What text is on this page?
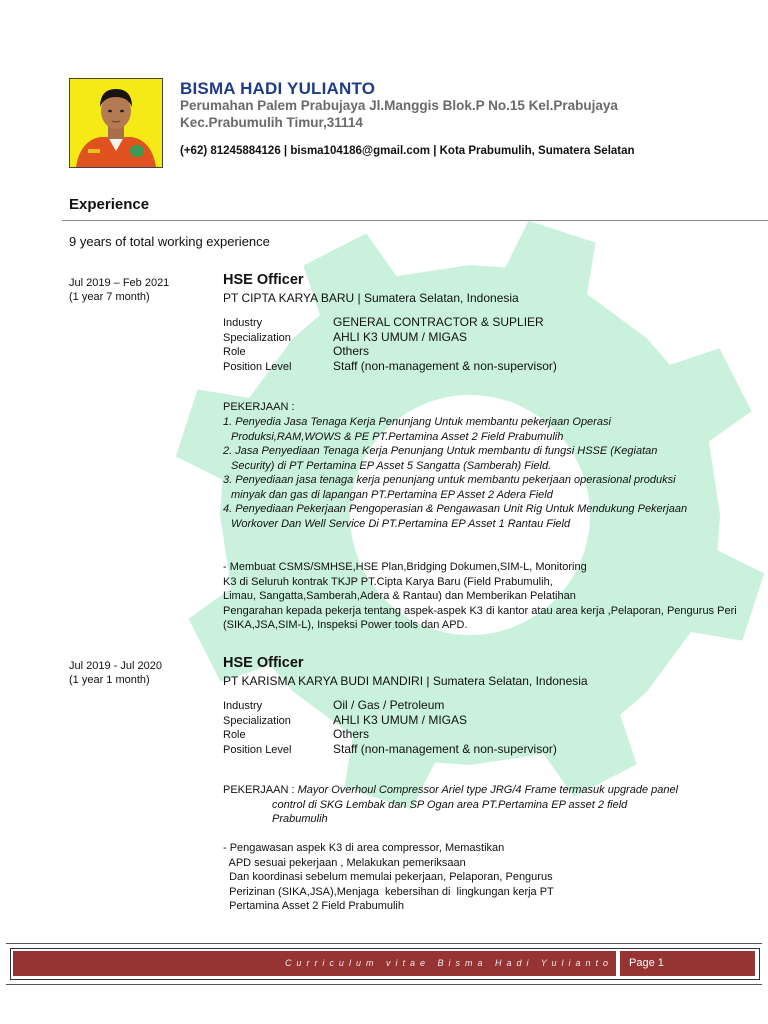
BISMA HADI YULIANTO
Perumahan Palem Prabujaya Jl.Manggis Blok.P No.15 Kel.Prabujaya
Kec.Prabumulih Timur,31114
(+62) 81245884126 | bisma104186@gmail.com | Kota Prabumulih, Sumatera Selatan
Experience
9 years of total working experience
Jul 2019 – Feb 2021
(1 year 7 month)
HSE Officer
PT CIPTA KARYA BARU | Sumatera Selatan, Indonesia
Industry	GENERAL CONTRACTOR & SUPLIER
Specialization	AHLI K3 UMUM / MIGAS
Role	Others
Position Level	Staff (non-management & non-supervisor)
PEKERJAAN :
1. Penyedia Jasa Tenaga Kerja Penunjang Untuk membantu pekerjaan Operasi
Produksi,RAM,WOWS & PE PT.Pertamina Asset 2 Field Prabumulih
2. Jasa Penyediaan Tenaga Kerja Penunjang Untuk membantu di fungsi HSSE (Kegiatan
Security) di PT Pertamina EP Asset 5 Sangatta (Samberah) Field.
3. Penyediaan jasa tenaga kerja penunjang untuk membantu pekerjaan operasional produksi
minyak dan gas di lapangan PT.Pertamina EP Asset 2 Adera Field
4. Penyediaan Pekerjaan Pengoperasian & Pengawasan Unit Rig Untuk Mendukung Pekerjaan
Workover Dan Well Service Di PT.Pertamina EP Asset 1 Rantau Field
- Membuat CSMS/SMHSE,HSE Plan,Bridging Dokumen,SIM-L, Monitoring
K3 di Seluruh kontrak TKJP PT.Cipta Karya Baru (Field Prabumulih,
Limau, Sangatta,Samberah,Adera & Rantau) dan Memberikan Pelatihan
Pengarahan kepada pekerja tentang aspek-aspek K3 di kantor atau area kerja ,Pelaporan, Pengurus Peri
(SIKA,JSA,SIM-L), Inspeksi Power tools dan APD.
Jul 2019 - Jul 2020
(1 year 1 month)
HSE Officer
PT KARISMA KARYA BUDI MANDIRI | Sumatera Selatan, Indonesia
Industry	Oil / Gas / Petroleum
Specialization	AHLI K3 UMUM / MIGAS
Role	Others
Position Level	Staff (non-management & non-supervisor)
PEKERJAAN : Mayor Overhoul Compressor Ariel type JRG/4 Frame termasuk upgrade panel
control di SKG Lembak dan SP Ogan area PT.Pertamina EP asset 2 field
Prabumulih
- Pengawasan aspek K3 di area compressor, Memastikan
APD sesuai pekerjaan , Melakukan pemeriksaan
Dan koordinasi sebelum memulai pekerjaan, Pelaporan, Pengurus
Perizinan (SIKA,JSA),Menjaga  kebersihan di  lingkungan kerja PT
Pertamina Asset 2 Field Prabumulih
Curriculum vitae Bisma Hadi Yulianto	Page 1
